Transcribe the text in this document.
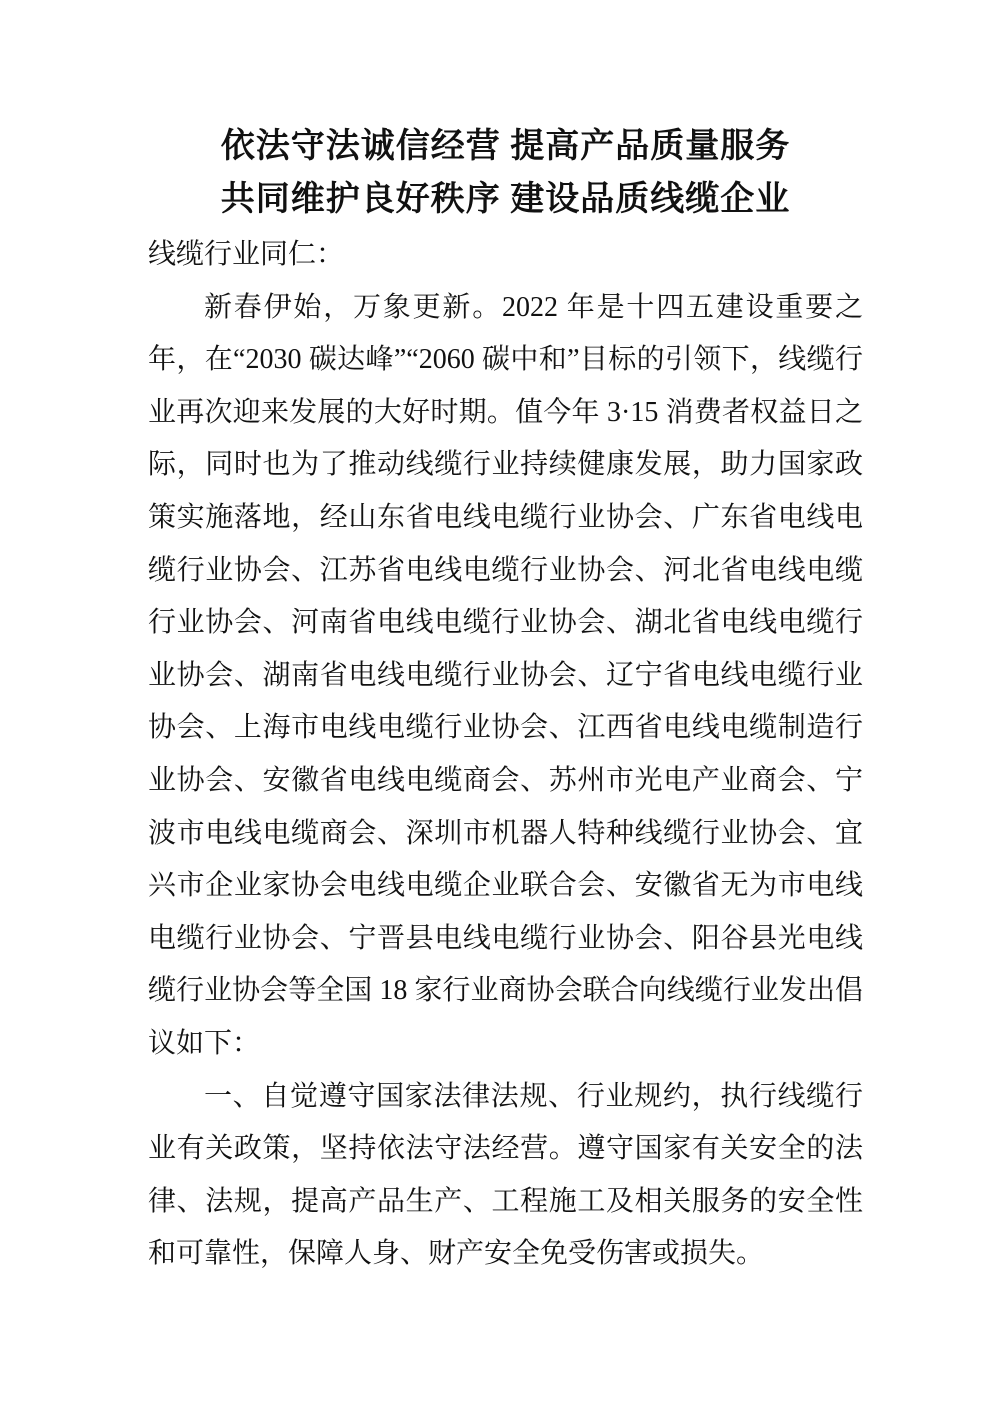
依法守法诚信经营 提高产品质量服务
共同维护良好秩序 建设品质线缆企业

线缆行业同仁：

新春伊始，万象更新。2022 年是十四五建设重要之年，在“2030 碳达峰”“2060 碳中和”目标的引领下，线缆行业再次迎来发展的大好时期。值今年 3·15 消费者权益日之际，同时也为了推动线缆行业持续健康发展，助力国家政策实施落地，经山东省电线电缆行业协会、广东省电线电缆行业协会、江苏省电线电缆行业协会、河北省电线电缆行业协会、河南省电线电缆行业协会、湖北省电线电缆行业协会、湖南省电线电缆行业协会、辽宁省电线电缆行业协会、上海市电线电缆行业协会、江西省电线电缆制造行业协会、安徽省电线电缆商会、苏州市光电产业商会、宁波市电线电缆商会、深圳市机器人特种线缆行业协会、宜兴市企业家协会电线电缆企业联合会、安徽省无为市电线电缆行业协会、宁晋县电线电缆行业协会、阳谷县光电线缆行业协会等全国 18 家行业商协会联合向线缆行业发出倡议如下：

一、自觉遵守国家法律法规、行业规约，执行线缆行业有关政策，坚持依法守法经营。遵守国家有关安全的法律、法规，提高产品生产、工程施工及相关服务的安全性和可靠性，保障人身、财产安全免受伤害或损失。
